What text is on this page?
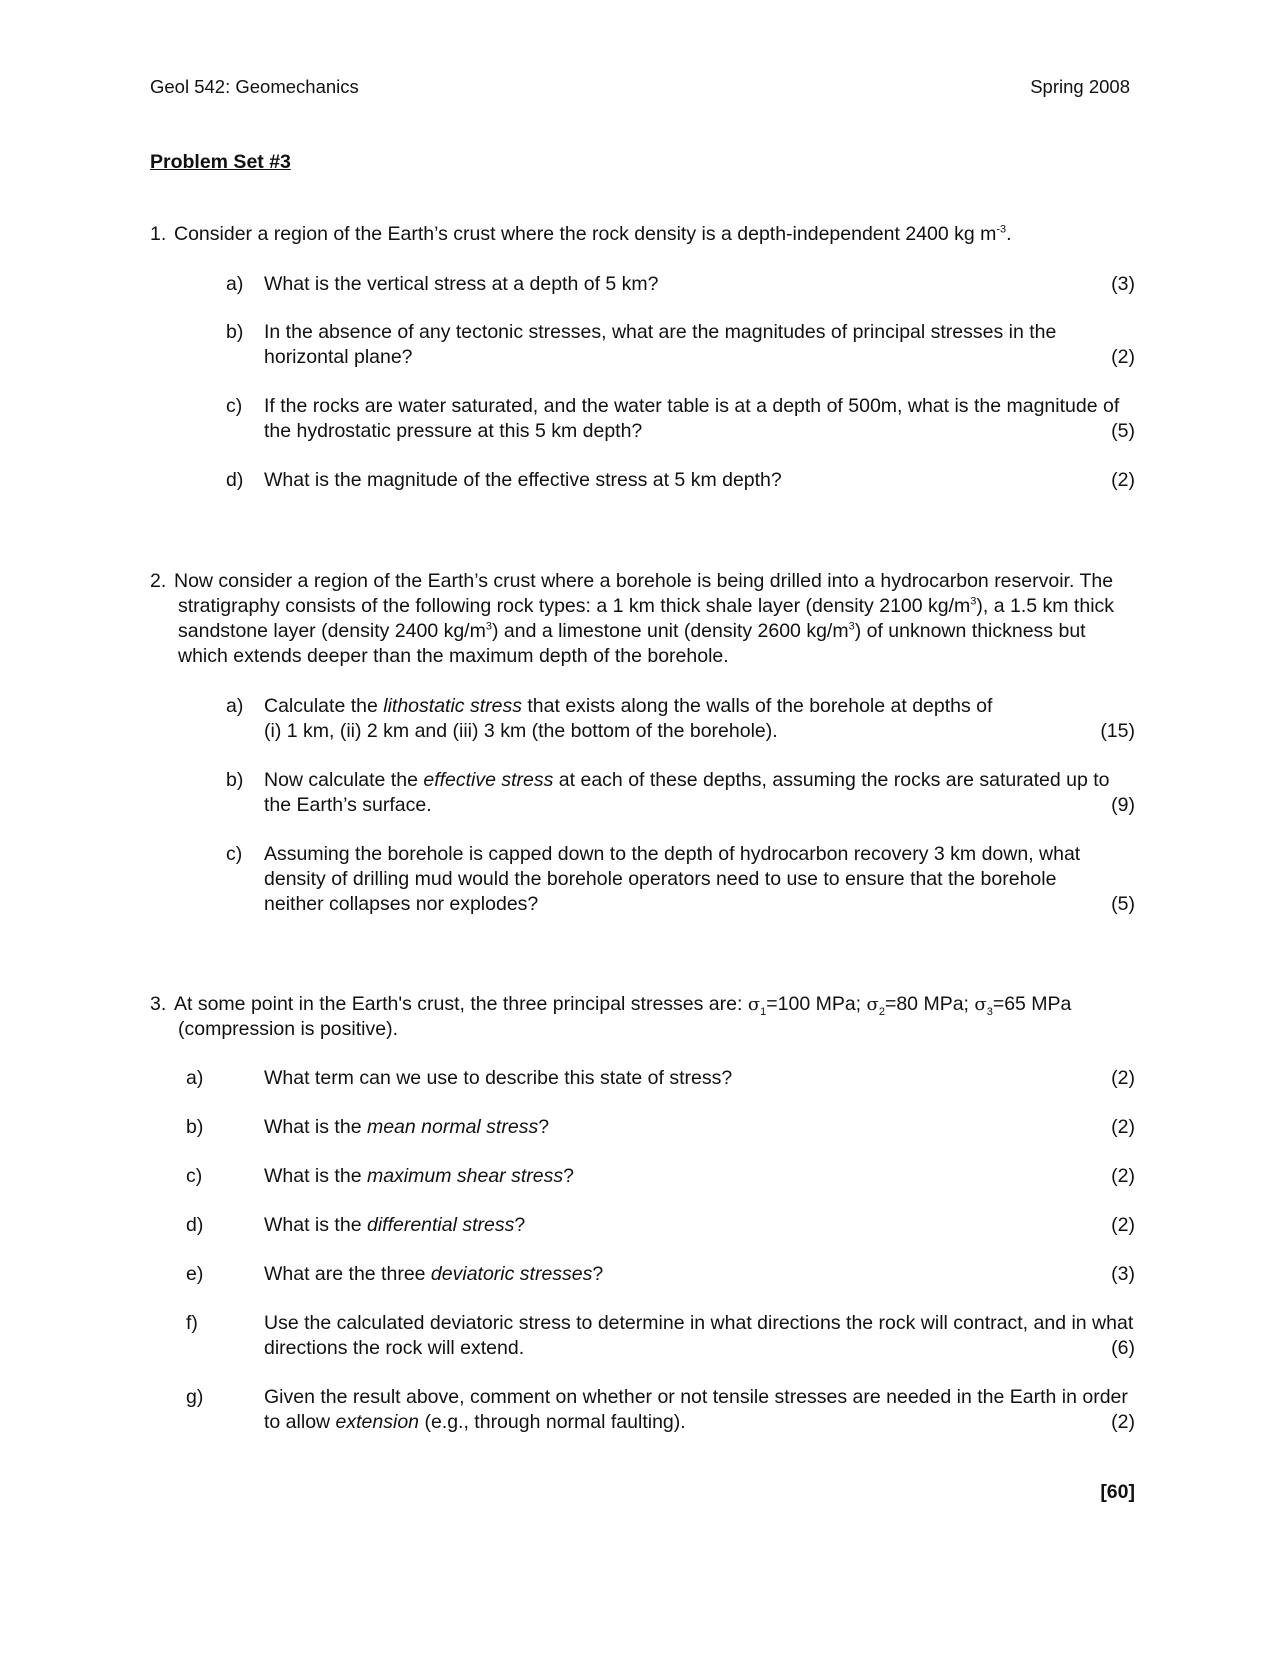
Geol 542: Geomechanics	Spring 2008
Problem Set #3
1. Consider a region of the Earth’s crust where the rock density is a depth-independent 2400 kg $m^{-3}$.
a) What is the vertical stress at a depth of 5 km?	(3)
b) In the absence of any tectonic stresses, what are the magnitudes of principal stresses in the
horizontal plane?	(2)
c) If the rocks are water saturated, and the water table is at a depth of 500m, what is the magnitude of
the hydrostatic pressure at this 5 km depth?	(5)
d) What is the magnitude of the effective stress at 5 km depth?	(2)
2. Now consider a region of the Earth’s crust where a borehole is being drilled into a hydrocarbon reservoir. The
stratigraphy consists of the following rock types: a 1 km thick shale layer (density 2100 $kg/m^3$), a 1.5 km thick
sandstone layer (density 2400 $kg/m^3$) and a limestone unit (density 2600 $kg/m^3$) of unknown thickness but
which extends deeper than the maximum depth of the borehole.
a) Calculate the lithostatic stress that exists along the walls of the borehole at depths of
(i) 1 km, (ii) 2 km and (iii) 3 km (the bottom of the borehole).	(15)
b) Now calculate the effective stress at each of these depths, assuming the rocks are saturated up to
the Earth’s surface.	(9)
c) Assuming the borehole is capped down to the depth of hydrocarbon recovery 3 km down, what
density of drilling mud would the borehole operators need to use to ensure that the borehole
neither collapses nor explodes?	(5)
3. At some point in the Earth's crust, the three principal stresses are: $\sigma_1=100$ MPa; $\sigma_2=80$ MPa; $\sigma_3=65$ MPa
(compression is positive).
a)	What term can we use to describe this state of stress?	(2)
b)	What is the mean normal stress?	(2)
c)	What is the maximum shear stress?	(2)
d)	What is the differential stress?	(2)
e)	What are the three deviatoric stresses?	(3)
f)	Use the calculated deviatoric stress to determine in what directions the rock will contract, and in what
directions the rock will extend.	(6)
g)	Given the result above, comment on whether or not tensile stresses are needed in the Earth in order
to allow extension (e.g., through normal faulting).	(2)
[60]
